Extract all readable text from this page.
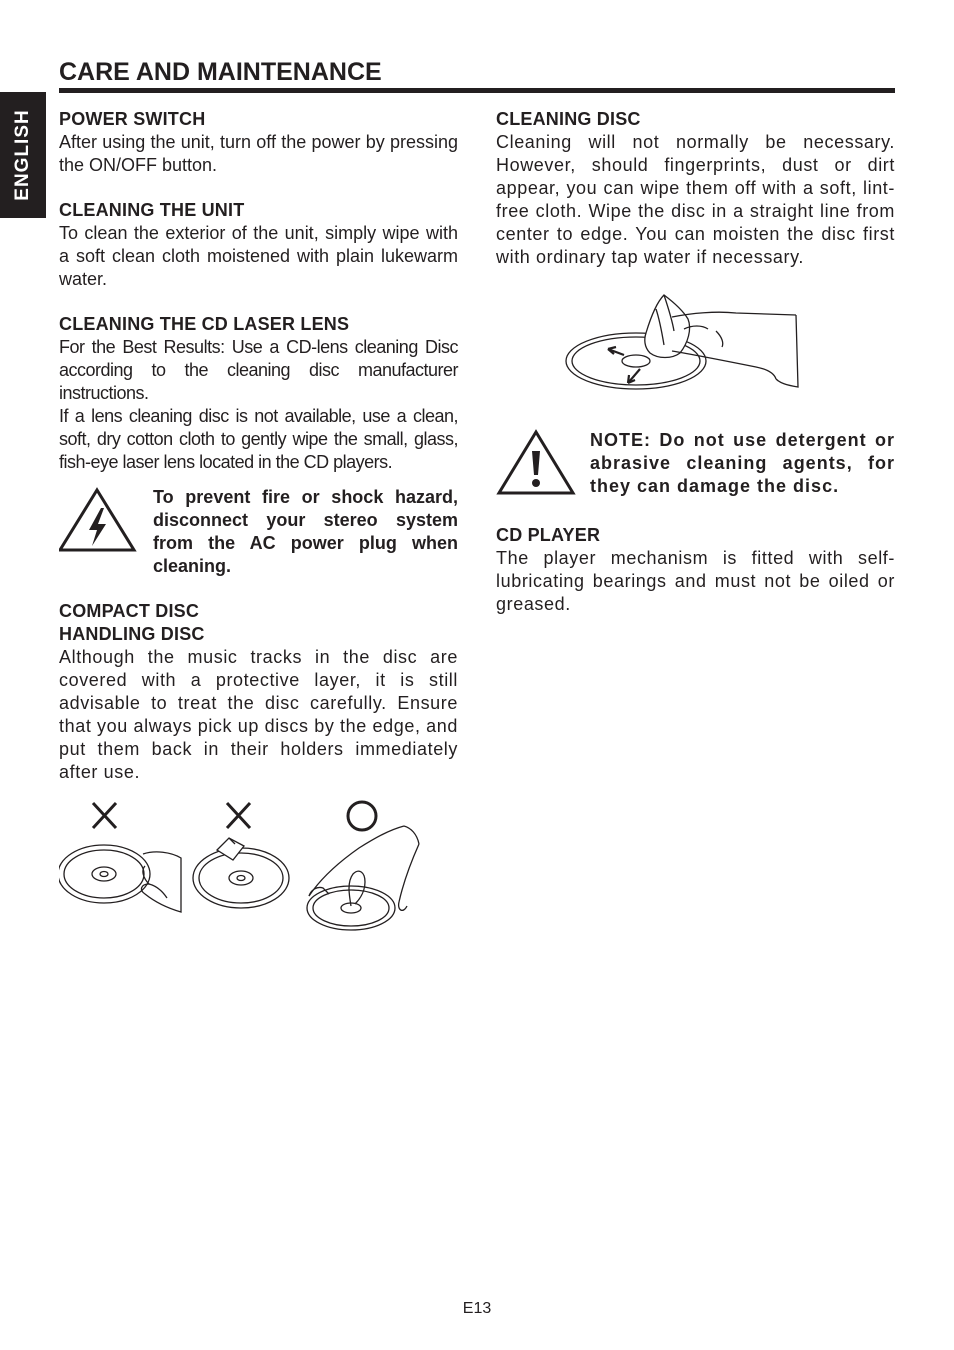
ENGLISH
CARE AND MAINTENANCE

POWER SWITCH

After using the unit, turn off the power by pressing the ON/OFF button.

CLEANING THE UNIT

To clean the exterior of the unit, simply wipe with a soft clean cloth moistened with plain lukewarm water.

CLEANING THE CD LASER LENS

For the Best Results: Use a CD-lens cleaning Disc according to the cleaning disc manufacturer instructions.

If a lens cleaning disc is not available, use a clean, soft, dry cotton cloth to gently wipe the small, glass, fish-eye laser lens located in the CD players.

To prevent fire or shock hazard, disconnect your stereo system from the AC power plug when cleaning.

COMPACT DISC

HANDLING DISC

Although the music tracks in the disc are covered with a protective layer, it is still advisable to treat the disc carefully. Ensure that you always pick up discs by the edge, and put them back in their holders immediately after use.

CLEANING DISC

Cleaning will not normally be necessary. However, should fingerprints, dust or dirt appear, you can wipe them off with a soft, lint-free cloth. Wipe the disc in a straight line from center to edge. You can moisten the disc first with ordinary tap water if necessary.

NOTE: Do not use detergent or abrasive cleaning agents, for they can damage the disc.

CD PLAYER

The player mechanism is fitted with self-lubricating bearings and must not be oiled or greased.

E13
